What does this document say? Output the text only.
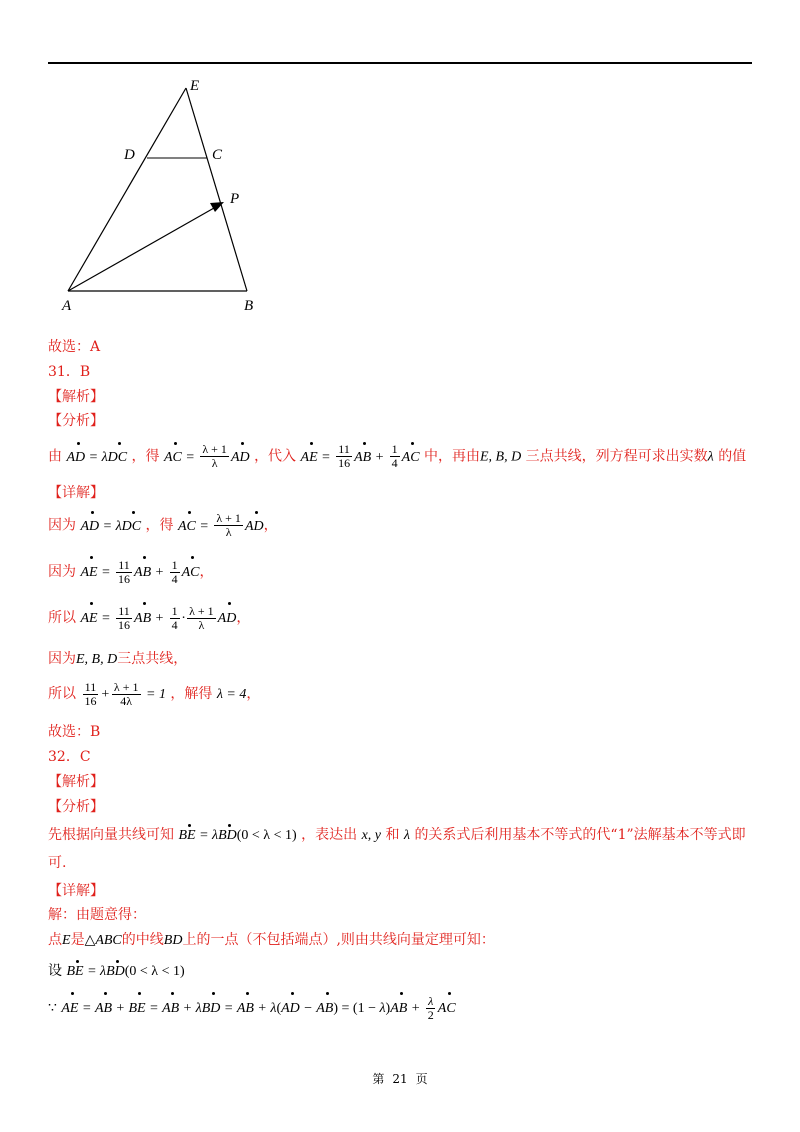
E
D	C
P
A	B
故选：A
31．B
【解析】
【分析】
由 AD = λDC ，得 AC = $\frac{\lambda + 1}{\lambda}$ AD ，代入 AE = $\frac{11}{16}$ AB + $\frac{1}{4}$ AC 中，再由E, B, D 三点共线，列方程可求出实数λ 的值
【详解】
因为 AD = λDC ，得 AC = $\frac{\lambda + 1}{\lambda}$ AD，
因为 AE = $\frac{11}{16}$ AB + $\frac{1}{4}$ AC，
所以 AE = $\frac{11}{16}$ AB + $\frac{1}{4} \cdot \frac{\lambda + 1}{\lambda}$ AD，
因为E, B, D三点共线，
所以 $\frac{11}{16} + \frac{\lambda + 1}{4\lambda} = 1$ ，解得 λ = 4，
故选：B
32．C
【解析】
【分析】
先根据向量共线可知 BE = λBD(0 < λ < 1) ，表达出 x, y 和 λ 的关系式后利用基本不等式的代“1”法解基本不等式即
可.
【详解】
解：由题意得：
点E是△ABC的中线BD上的一点（不包括端点）,则由共线向量定理可知：
设 BE = λBD(0 < λ < 1)
∵ AE = AB + BE = AB + λBD = AB + $\lambda(AD - AB) = (1 - \lambda)AB + \frac{\lambda}{2}$ AC
第 21 页
